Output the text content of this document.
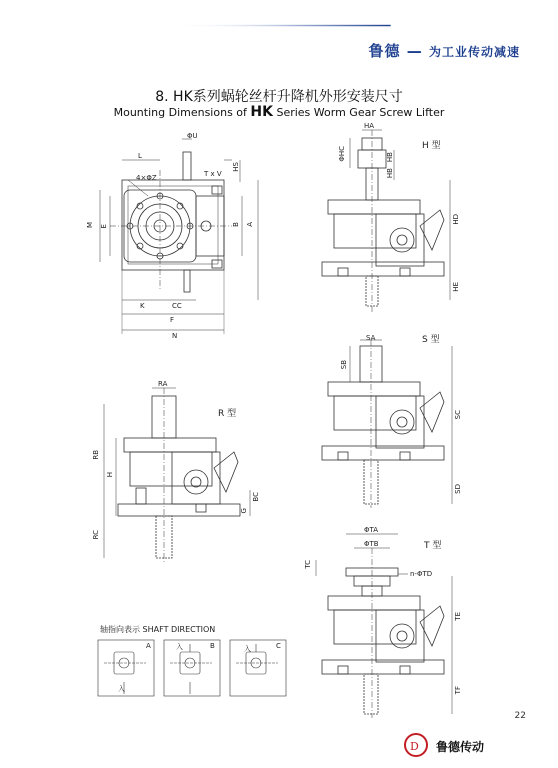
鲁德 — 为工业传动减速
8. HK系列蜗轮丝杆升降机外形安装尺寸
Mounting Dimensions of HK Series Worm Gear Screw Lifter
D
ΦU
L
T x V
HS
4×ΦZ
M E	B A
K	CC
F
N
H 型
HA
ΦHC	HB
HB
HD
HE
S 型
SA
SB
SC
SD
R 型
RA
RB
H
BC
G
RC
T 型
ΦTA
ΦTB
TC
n-ΦTD
TE
TF
轴指向表示 SHAFT DIRECTION
A
入
B
入	C
入
22
鲁德传动
